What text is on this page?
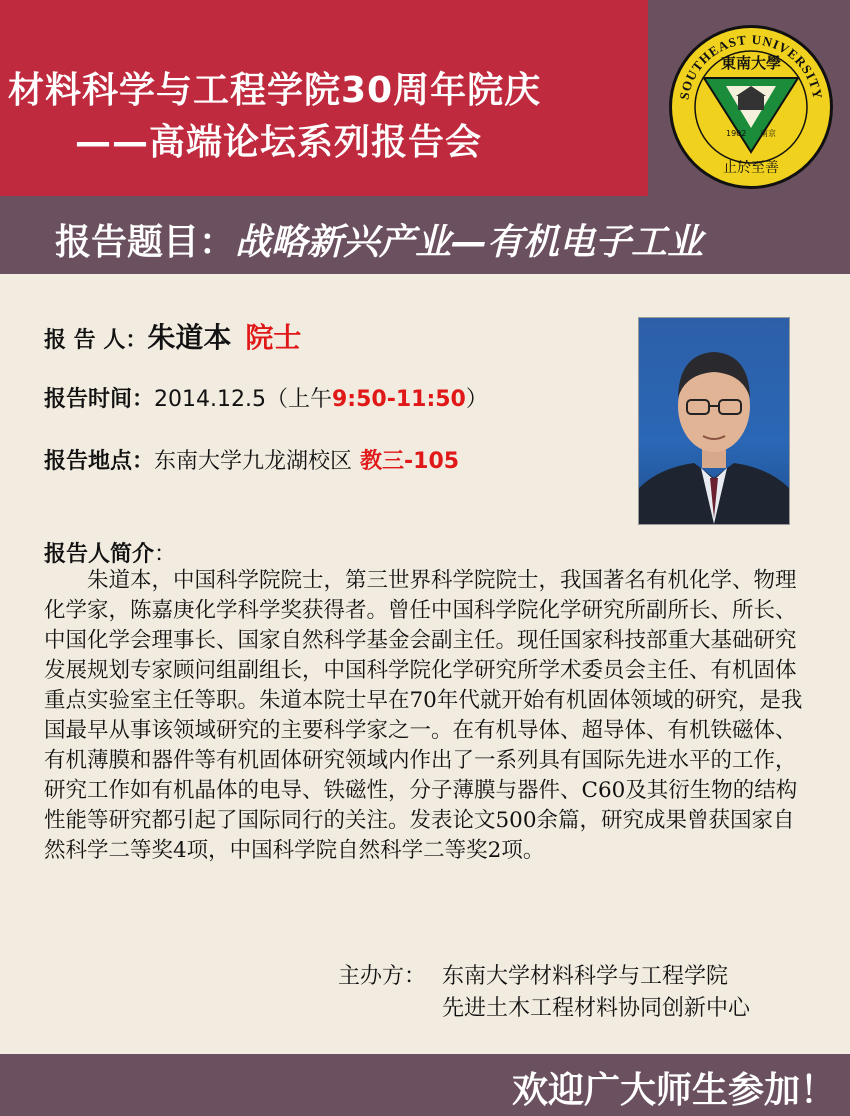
材料科学与工程学院30周年院庆
——高端论坛系列报告会
SOUTHEAST UNIVERSITY
東南大學
1902 南京
止於至善
报告题目：战略新兴产业—有机电子工业
报 告 人：朱道本 院士
报告时间：2014.12.5（上午9:50-11:50）
报告地点：东南大学九龙湖校区 教三-105
报告人简介：
朱道本，中国科学院院士，第三世界科学院院士，我国著名有机化学、物理化学家，陈嘉庚化学科学奖获得者。曾任中国科学院化学研究所副所长、所长、中国化学会理事长、国家自然科学基金会副主任。现任国家科技部重大基础研究发展规划专家顾问组副组长，中国科学院化学研究所学术委员会主任、有机固体重点实验室主任等职。朱道本院士早在70年代就开始有机固体领域的研究，是我国最早从事该领域研究的主要科学家之一。在有机导体、超导体、有机铁磁体、有机薄膜和器件等有机固体研究领域内作出了一系列具有国际先进水平的工作，研究工作如有机晶体的电导、铁磁性，分子薄膜与器件、C60及其衍生物的结构性能等研究都引起了国际同行的关注。发表论文500余篇，研究成果曾获国家自然科学二等奖4项，中国科学院自然科学二等奖2项。
主办方： 东南大学材料科学与工程学院
先进土木工程材料协同创新中心
欢迎广大师生参加！
